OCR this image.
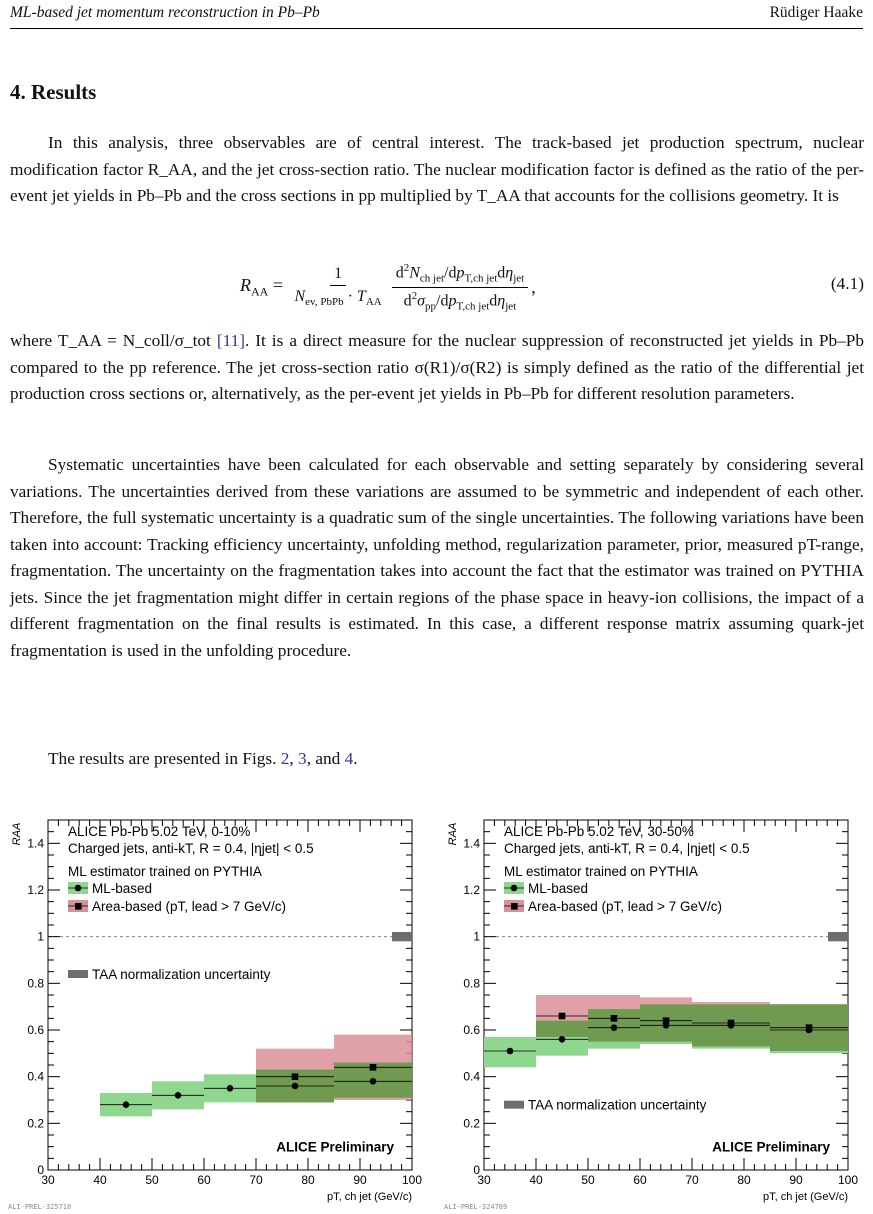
ML-based jet momentum reconstruction in Pb–Pb	Rüdiger Haake
4. Results
In this analysis, three observables are of central interest. The track-based jet production spectrum, nuclear modification factor R_AA, and the jet cross-section ratio. The nuclear modification factor is defined as the ratio of the per-event jet yields in Pb–Pb and the cross sections in pp multiplied by T_AA that accounts for the collisions geometry. It is
$R_{AA} = \frac{1}{N_{ev, PbPb} \cdot T_{AA}} \frac{d^2N_{ch jet}/dp_{T,ch jet}d\eta_{jet}}{d^2\sigma_{pp}/dp_{T,ch jet}d\eta_{jet}}$ ,	(4.1)
where T_AA = N_coll/σ_tot [11]. It is a direct measure for the nuclear suppression of reconstructed jet yields in Pb–Pb compared to the pp reference. The jet cross-section ratio σ(R1)/σ(R2) is simply defined as the ratio of the differential jet production cross sections or, alternatively, as the per-event jet yields in Pb–Pb for different resolution parameters.
Systematic uncertainties have been calculated for each observable and setting separately by considering several variations. The uncertainties derived from these variations are assumed to be symmetric and independent of each other. Therefore, the full systematic uncertainty is a quadratic sum of the single uncertainties. The following variations have been taken into account: Tracking efficiency uncertainty, unfolding method, regularization parameter, prior, measured pT-range, fragmentation. The uncertainty on the fragmentation takes into account the fact that the estimator was trained on PYTHIA jets. Since the jet fragmentation might differ in certain regions of the phase space in heavy-ion collisions, the impact of a different fragmentation on the final results is estimated. In this case, a different response matrix assuming quark-jet fragmentation is used in the unfolding procedure.
The results are presented in Figs. 2, 3, and 4.
0
0.2
0.4
0.6
0.8
1
1.2
1.4
30	40	50	60	70	80	90	100
RAA
pT, ch jet (GeV/c)
ALI-PREL-325710
ALICE Pb-Pb 5.02 TeV, 0-10%
Charged jets, anti-kT, R = 0.4, |ηjet| < 0.5
ML estimator trained on PYTHIA
ML-based
Area-based (pT, lead > 7 GeV/c)
TAA normalization uncertainty
ALICE Preliminary
0
0.2
0.4
0.6
0.8
1
1.2
1.4
30	40	50	60	70	80	90	100
RAA
pT, ch jet (GeV/c)
ALI-PREL-324709
ALICE Pb-Pb 5.02 TeV, 30-50%
Charged jets, anti-kT, R = 0.4, |ηjet| < 0.5
ML estimator trained on PYTHIA
ML-based
Area-based (pT, lead > 7 GeV/c)
TAA normalization uncertainty
ALICE Preliminary
